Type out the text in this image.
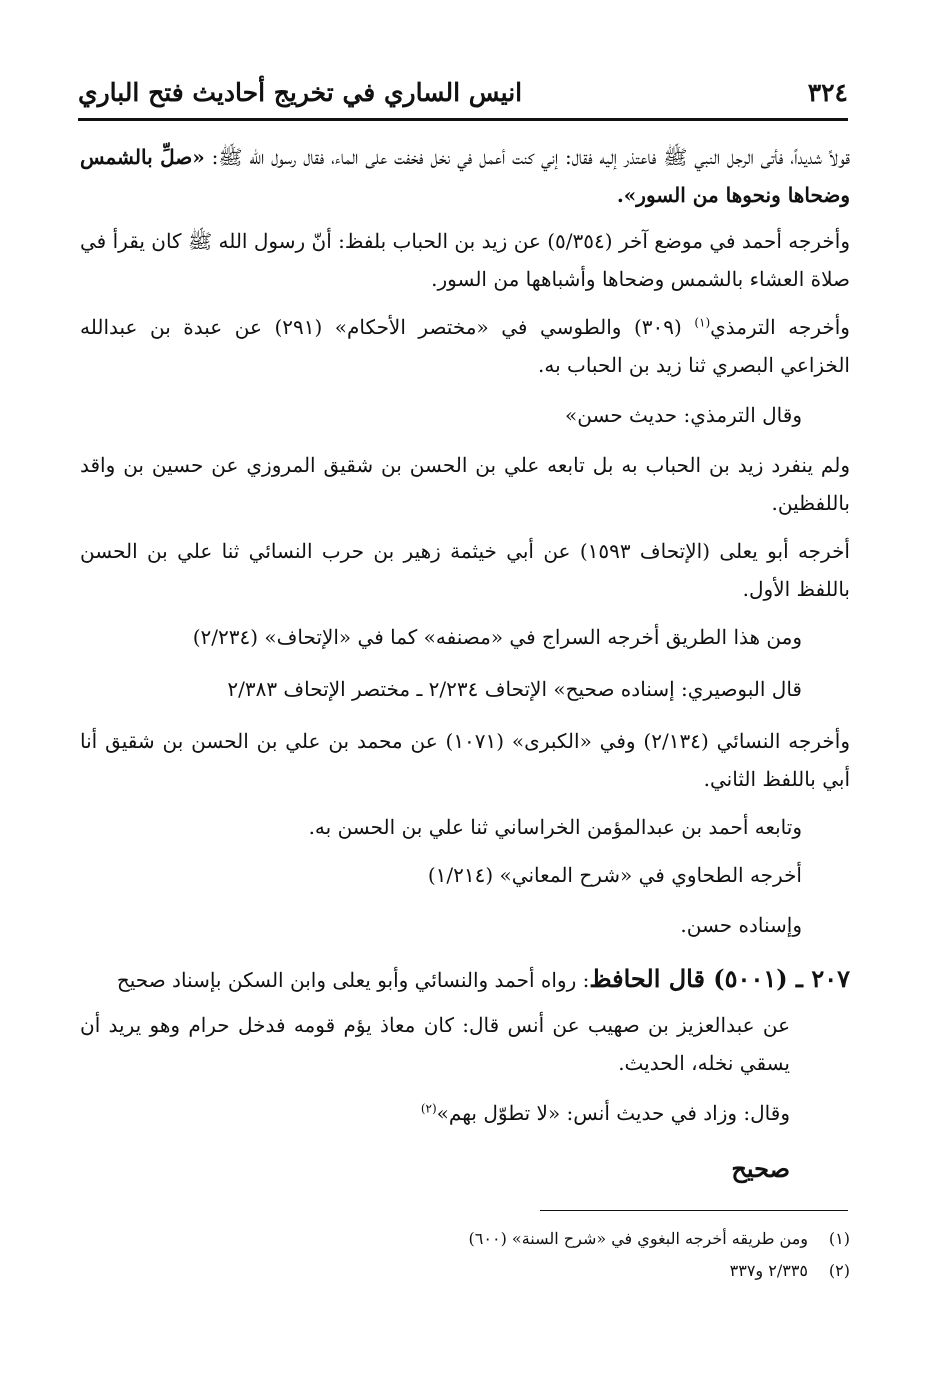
٣٢٤
انيس الساري في تخريج أحاديث فتح الباري

قولاً شديداً، فأتى الرجل النبي ﷺ فاعتذر إليه فقال: إني كنت أعمل في نخل فخفت على الماء، فقال رسول الله ﷺ: «صلِّ بالشمس وضحاها ونحوها من السور».

وأخرجه أحمد في موضع آخر (٥/٣٥٤) عن زيد بن الحباب بلفظ: أنّ رسول الله ﷺ كان يقرأ في صلاة العشاء بالشمس وضحاها وأشباهها من السور.

وأخرجه الترمذي$^{(١)}$ (٣٠٩) والطوسي في «مختصر الأحكام» (٢٩١) عن عبدة بن عبدالله الخزاعي البصري ثنا زيد بن الحباب به.

وقال الترمذي: حديث حسن»

ولم ينفرد زيد بن الحباب به بل تابعه علي بن الحسن بن شقيق المروزي عن حسين بن واقد باللفظين.

أخرجه أبو يعلى (الإتحاف ١٥٩٣) عن أبي خيثمة زهير بن حرب النسائي ثنا علي بن الحسن باللفظ الأول.

ومن هذا الطريق أخرجه السراج في «مصنفه» كما في «الإتحاف» (٢/٢٣٤)

قال البوصيري: إسناده صحيح» الإتحاف ٢/٢٣٤ ـ مختصر الإتحاف ٢/٣٨٣

وأخرجه النسائي (٢/١٣٤) وفي «الكبرى» (١٠٧١) عن محمد بن علي بن الحسن بن شقيق أنا أبي باللفظ الثاني.

وتابعه أحمد بن عبدالمؤمن الخراساني ثنا علي بن الحسن به.

أخرجه الطحاوي في «شرح المعاني» (١/٢١٤)

وإسناده حسن.

٢٠٧ ـ (٥٠٠١) قال الحافظ: رواه أحمد والنسائي وأبو يعلى وابن السكن بإسناد صحيح

عن عبدالعزيز بن صهيب عن أنس قال: كان معاذ يؤم قومه فدخل حرام وهو يريد أن يسقي نخله، الحديث.

وقال: وزاد في حديث أنس: «لا تطوّل بهم»$^{(٢)}$

صحيح

(١)ومن طريقه أخرجه البغوي في «شرح السنة» (٦٠٠)

(٢)٢/٣٣٥ و٣٣٧
